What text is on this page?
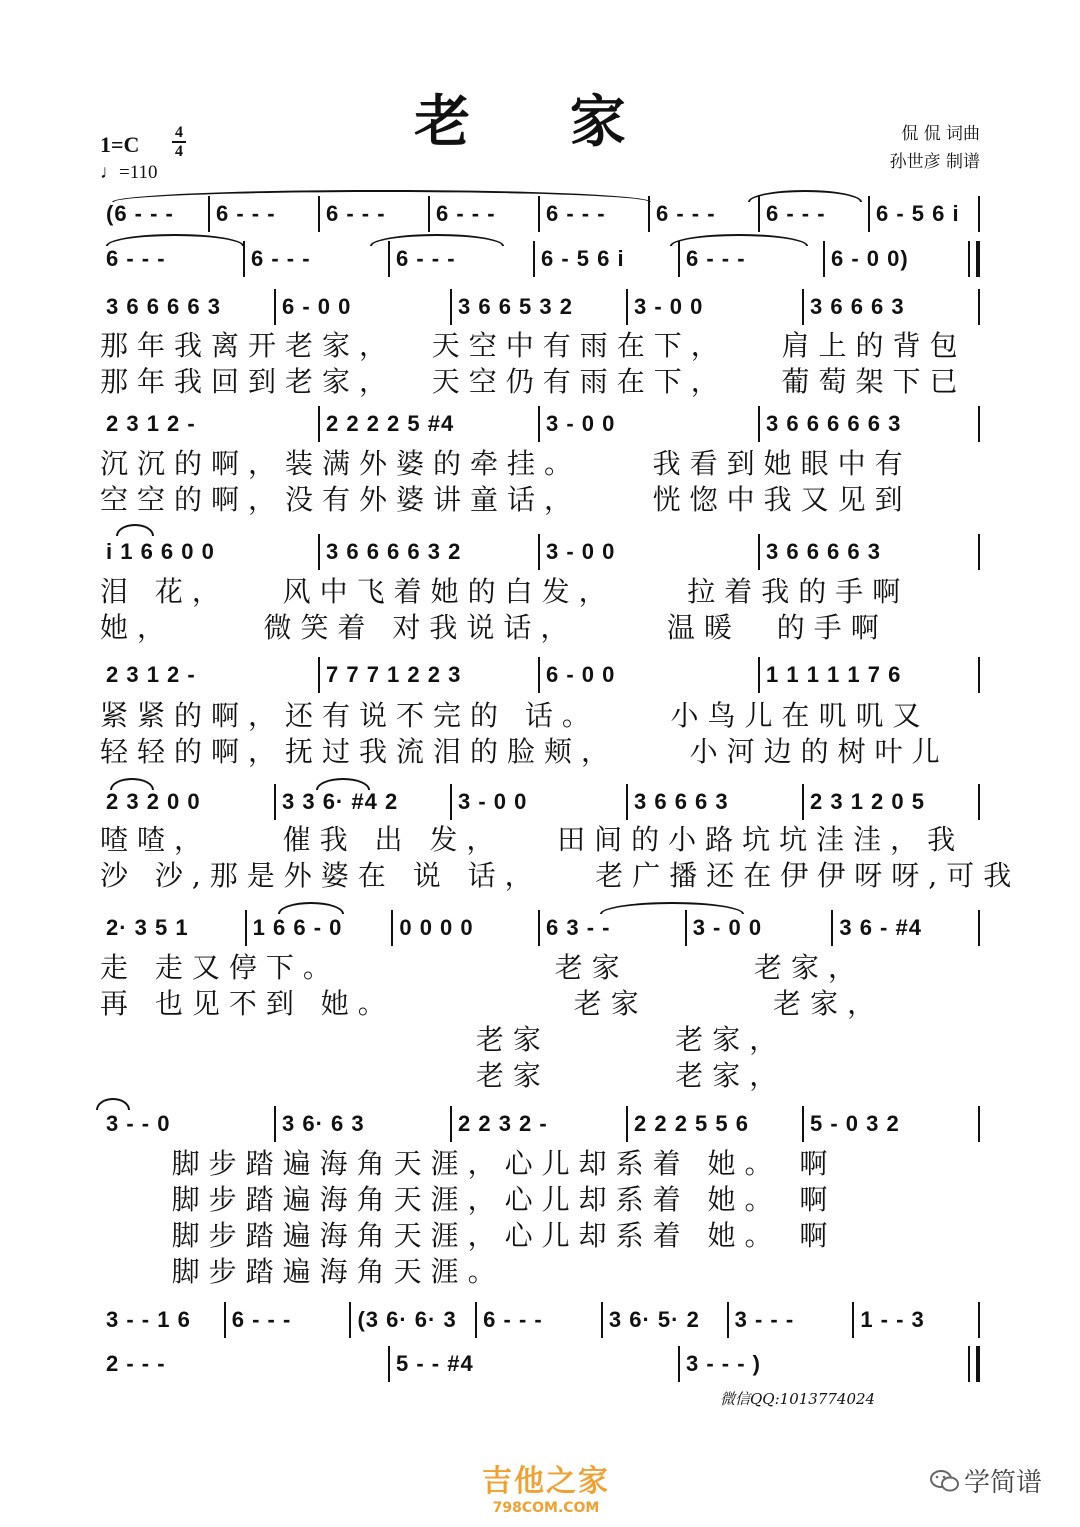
老 家
1=C 4
4
♩=110
侃 侃 词曲
孙世彦 制谱
(6 - - -	6 - - -	6 - - -	6 - - -	6 - - -	6 - - -	6 - - -	6 - 5 6 i
6 - - -	6 - - -	6 - - -	6 - 5 6 i	6 - - -	6 - 0 0)
3 6 6 6 6 3	6 - 0 0	3 6 6 5 3 2	3 - 0 0	3 6 6 6 3
2 3 1 2 -	2 2 2 2 5 #4	3 - 0 0	3 6 6 6 6 6 3
i 1 6 6 0 0	3 6 6 6 6 3 2	3 - 0 0	3 6 6 6 6 3
2 3 1 2 -	7 7 7 1 2 2 3	6 - 0 0	1 1 1 1 1 7 6
2 3 2 0 0	3 3 6· #4 2	3 - 0 0	3 6 6 6 3	2 3 1 2 0 5
2· 3 5 1	1 6 6 - 0	0 0 0 0	6 3 - -	3 - 0 0	3 6 - #4
3 - - 0	3 6· 6 3	2 2 3 2 -	2 2 2 5 5 6	5 - 0 3 2
3 - - 1 6	6 - - -	(3 6· 6· 3	6 - - -	3 6· 5· 2	3 - - -	1 - - 3
2 - - -	5 - - #4	3 - - - )
那年我离开老家，  天空中有雨在下，   肩上的背包
那年我回到老家，  天空仍有雨在下，   葡萄架下已
沉沉的啊，装满外婆的牵挂。    我看到她眼中有
空空的啊，没有外婆讲童话，    恍惚中我又见到
泪 花，   风中飞着她的白发，    拉着我的手啊
她，     微笑着 对我说话，     温暖  的手啊
紧紧的啊，还有说不完的 话。    小鸟儿在叽叽又
轻轻的啊，抚过我流泪的脸颊，    小河边的树叶儿
喳喳，    催我 出 发，   田间的小路坑坑洼洼，我
沙 沙,那是外婆在 说 话，   老广播还在伊伊呀呀,可我
走 走又停下。            老家       老家，
再 也见不到 她。          老家       老家，
老家       老家，
老家       老家，
脚步踏遍海角天涯，心儿却系着 她。 啊
脚步踏遍海角天涯，心儿却系着 她。 啊
脚步踏遍海角天涯，心儿却系着 她。 啊
脚步踏遍海角天涯。
微信QQ:1013774024
吉他之家
798COM.COM
学简谱
